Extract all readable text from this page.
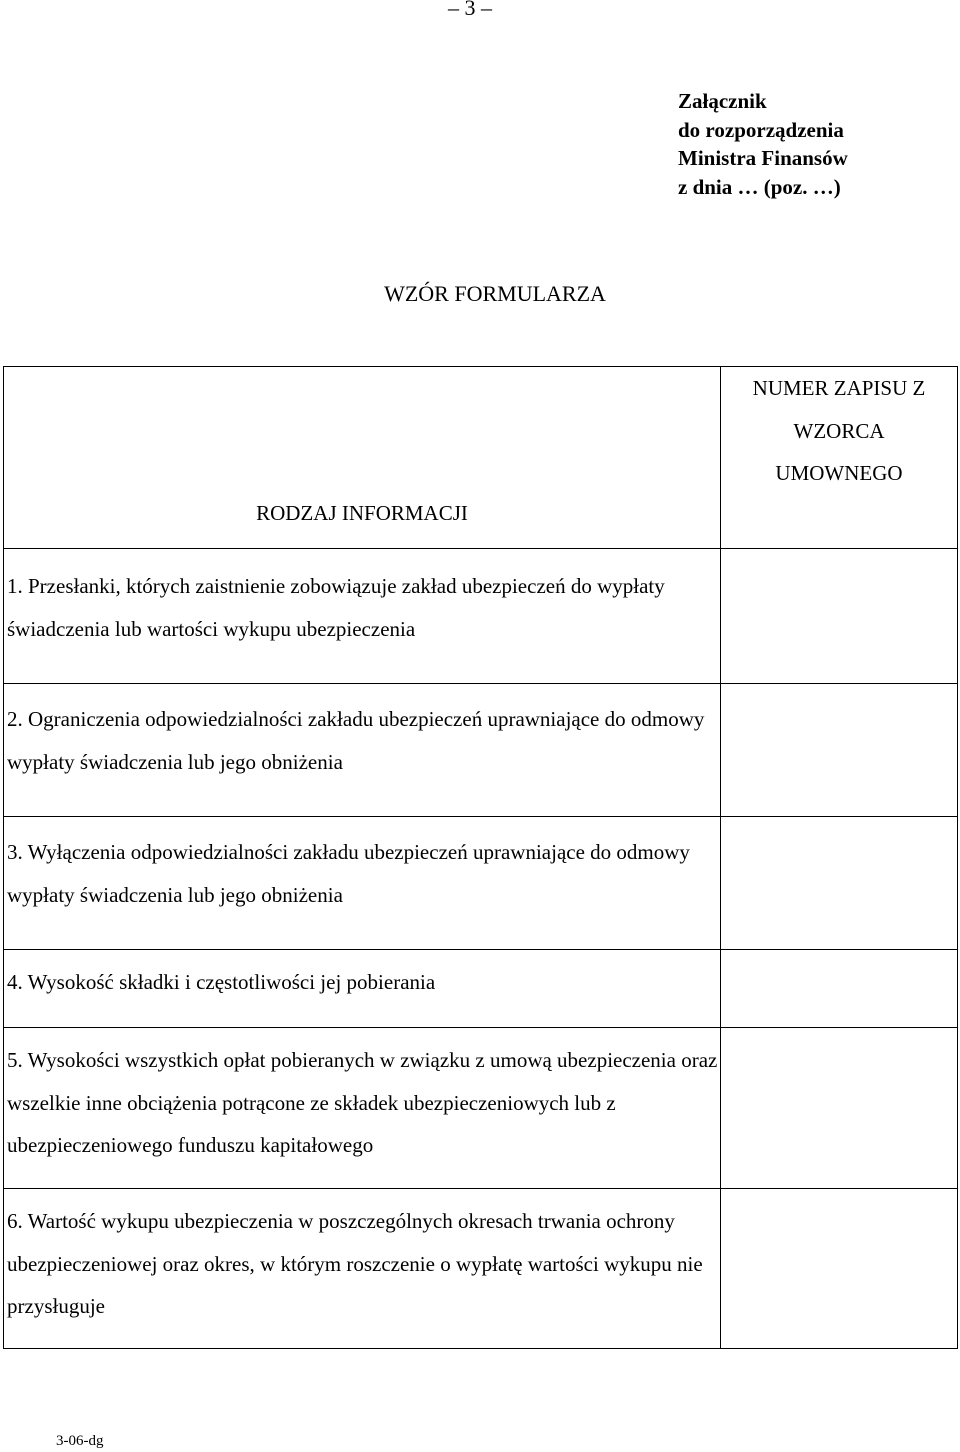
– 3 –
Załącznik
do rozporządzenia
Ministra Finansów
z dnia … (poz. …)
WZÓR FORMULARZA
RODZAJ INFORMACJI	NUMER ZAPISU Z
WZORCA
UMOWNEGO

1. Przesłanki, których zaistnienie zobowiązuje zakład ubezpieczeń do wypłaty świadczenia lub wartości wykupu ubezpieczenia	
2. Ograniczenia odpowiedzialności zakładu ubezpieczeń uprawniające do odmowy wypłaty świadczenia lub jego obniżenia	
3. Wyłączenia odpowiedzialności zakładu ubezpieczeń uprawniające do odmowy wypłaty świadczenia lub jego obniżenia	
4. Wysokość składki i częstotliwości jej pobierania	
5. Wysokości wszystkich opłat pobieranych w związku z umową ubezpieczenia oraz wszelkie inne obciążenia potrącone ze składek ubezpieczeniowych lub z ubezpieczeniowego funduszu kapitałowego	
6. Wartość wykupu ubezpieczenia w poszczególnych okresach trwania ochrony ubezpieczeniowej oraz okres, w którym roszczenie o wypłatę wartości wykupu nie przysługuje	
3-06-dg
